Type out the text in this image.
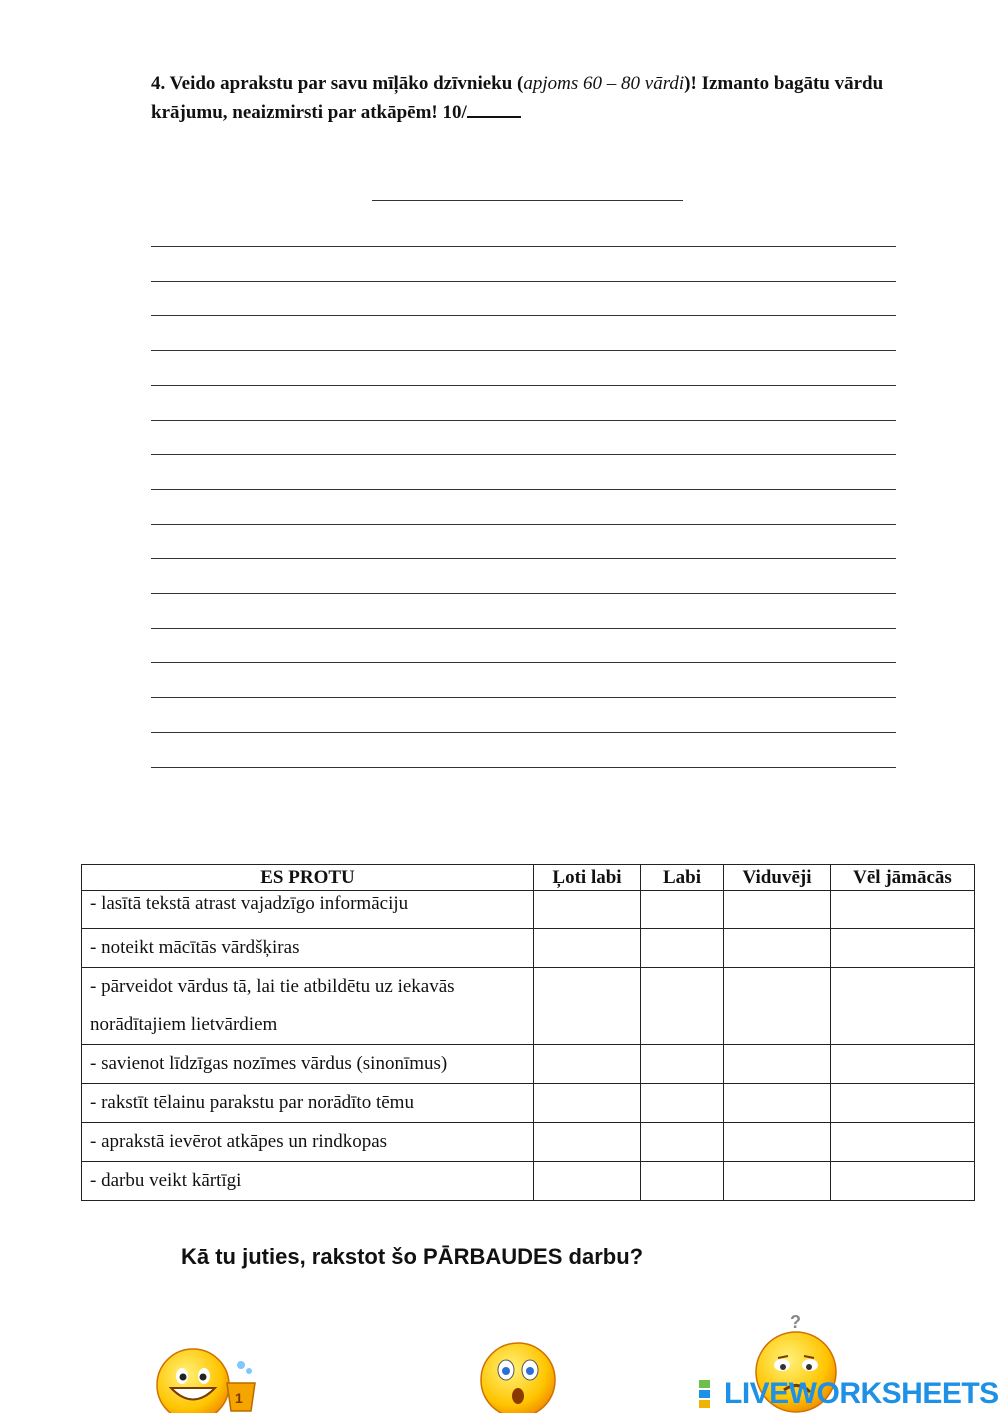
4. Veido aprakstu par savu mīļāko dzīvnieku (apjoms 60 – 80 vārdi)! Izmanto bagātu vārdu krājumu, neaizmirsti par atkāpēm! 10/
ES PROTU	Ļoti labi	Labi	Viduvēji	Vēl jāmācās
- lasītā tekstā atrast vajadzīgo informāciju				
- noteikt mācītās vārdšķiras				
- pārveidot vārdus tā, lai tie atbildētu uz iekavās norādītajiem lietvārdiem				
- savienot līdzīgas nozīmes vārdus (sinonīmus)				
- rakstīt tēlainu parakstu par norādīto tēmu				
- aprakstā ievērot atkāpes un rindkopas				
- darbu veikt kārtīgi				
Kā tu juties, rakstot šo PĀRBAUDES darbu?
1
?
LIVEWORKSHEETS
